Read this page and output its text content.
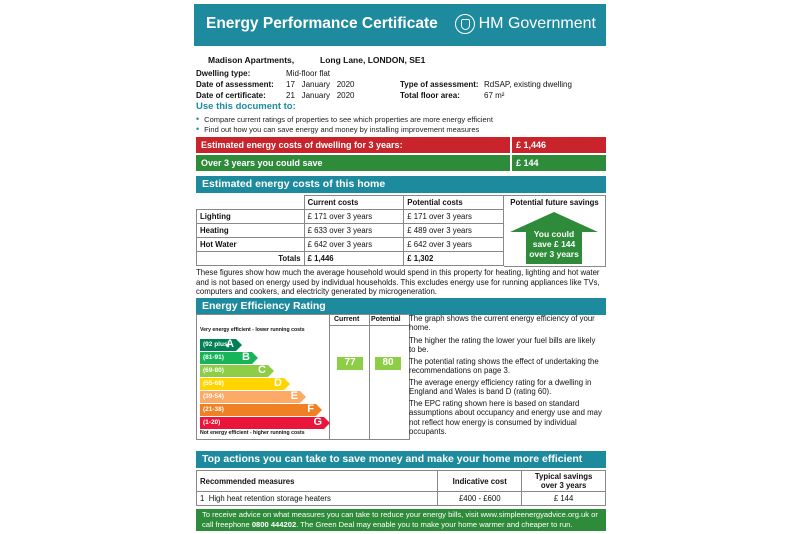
Energy Performance Certificate	HM Government
Madison Apartments,	Long Lane, LONDON, SE1
Dwelling type:	Mid-floor flat
Date of assessment: 17   January   2020
Date of certificate:	21   January   2020
Type of assessment: RdSAP, existing dwelling
Total floor area:	67 m²
Use this document to:
• Compare current ratings of properties to see which properties are more energy efficient
• Find out how you can save energy and money by installing improvement measures
Estimated energy costs of dwelling for 3 years:	£ 1,446
Over 3 years you could save	£ 144
Estimated energy costs of this home
	Current costs	Potential costs
Lighting	£ 171 over 3 years	£ 171 over 3 years
Heating	£ 633 over 3 years	£ 489 over 3 years
Hot Water	£ 642 over 3 years	£ 642 over 3 years
Totals	£ 1,446	£ 1,302
Potential future savings
You could
save £ 144
over 3 years
These figures show how much the average household would spend in this property for heating, lighting and hot water and is not based on energy used by individual households. This excludes energy use for running appliances like TVs, computers and cookers, and electricity generated by microgeneration.
Energy Efficiency Rating
Current Potential
Very energy efficient - lower running costs
(92 plus)
A
(81-91) B
(69-80)	C
(55-68)	D
(39-54)	E
(21-38)	F
(1-20)	G
Not energy efficient - higher running costs
77	80
The graph shows the current energy efficiency of your home.
The higher the rating the lower your fuel bills are likely to be.
The potential rating shows the effect of undertaking the recommendations on page 3.
The average energy efficiency rating for a dwelling in England and Wales is band D (rating 60).
The EPC rating shown here is based on standard assumptions about occupancy and energy use and may not reflect how energy is consumed by individual occupants.
Top actions you can take to save money and make your home more efficient
Recommended measures	Indicative cost	Typical savings
over 3 years
1 High heat retention storage heaters	£400 - £600	£ 144
To receive advice on what measures you can take to reduce your energy bills, visit www.simpleenergyadvice.org.uk or
call freephone 0800 444202. The Green Deal may enable you to make your home warmer and cheaper to run.
